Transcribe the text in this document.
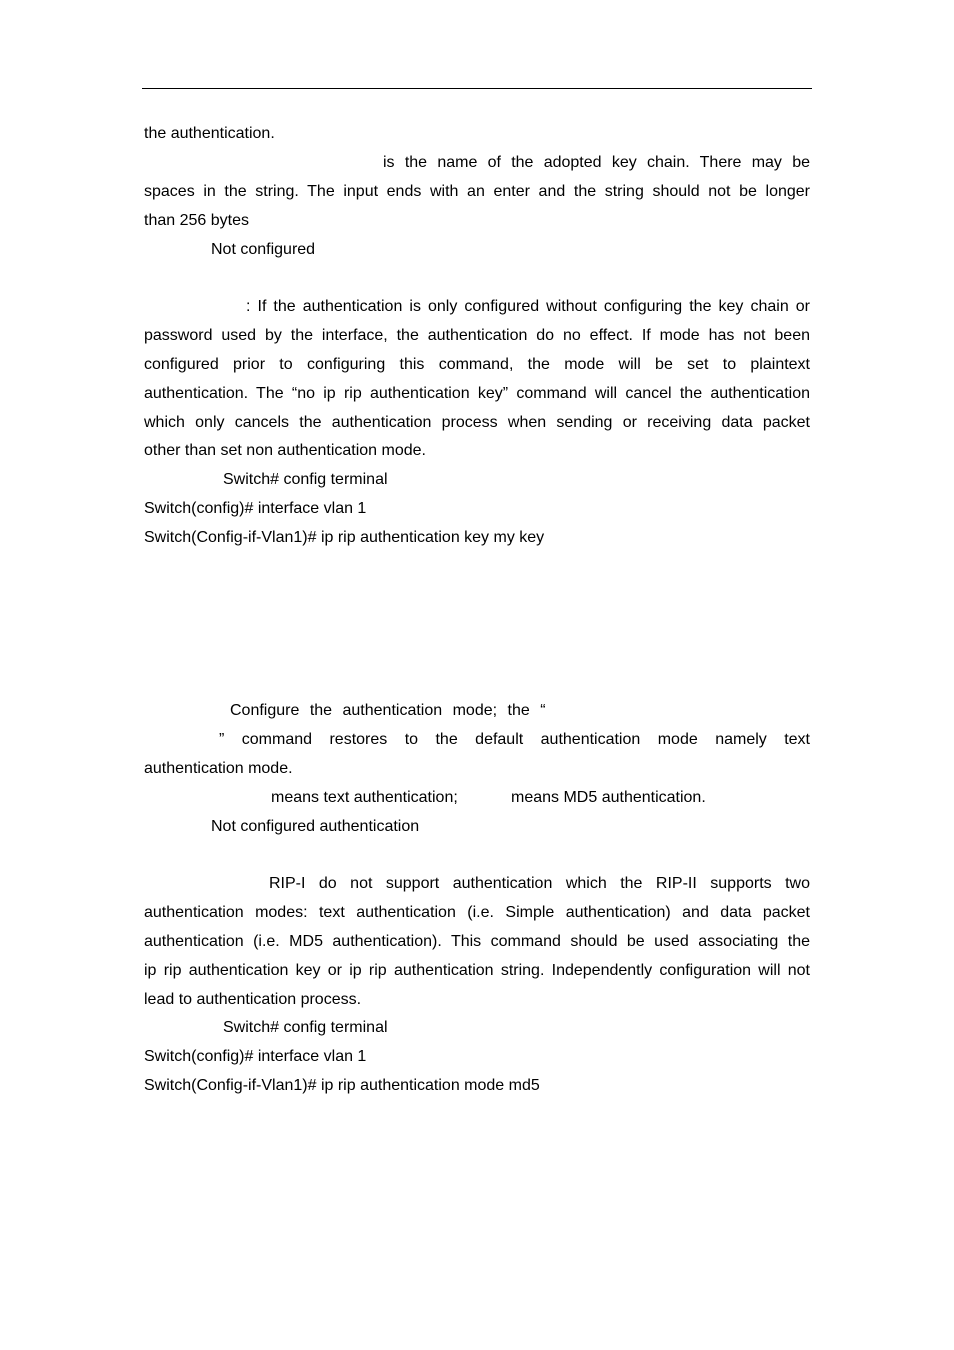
the authentication.
is the name of the adopted key chain. There may be
spaces in the string. The input ends with an enter and the string should not be longer
than 256 bytes
Not configured
: If the authentication is only configured without configuring the key chain or
password used by the interface, the authentication do no effect. If mode has not been
configured prior to configuring this command, the mode will be set to plaintext
authentication. The “no ip rip authentication key” command will cancel the authentication
which only cancels the authentication process when sending or receiving data packet
other than set non authentication mode.
Switch# config terminal
Switch(config)# interface vlan 1
Switch(Config-if-Vlan1)# ip rip authentication key my key
Configure the authentication mode; the “
” command restores to the default authentication mode namely text
authentication mode.
means text authentication;	means MD5 authentication.
Not configured authentication
RIP-I do not support authentication which the RIP-II supports two
authentication modes: text authentication (i.e. Simple authentication) and data packet
authentication (i.e. MD5 authentication). This command should be used associating the
ip rip authentication key or ip rip authentication string. Independently configuration will not
lead to authentication process.
Switch# config terminal
Switch(config)# interface vlan 1
Switch(Config-if-Vlan1)# ip rip authentication mode md5
